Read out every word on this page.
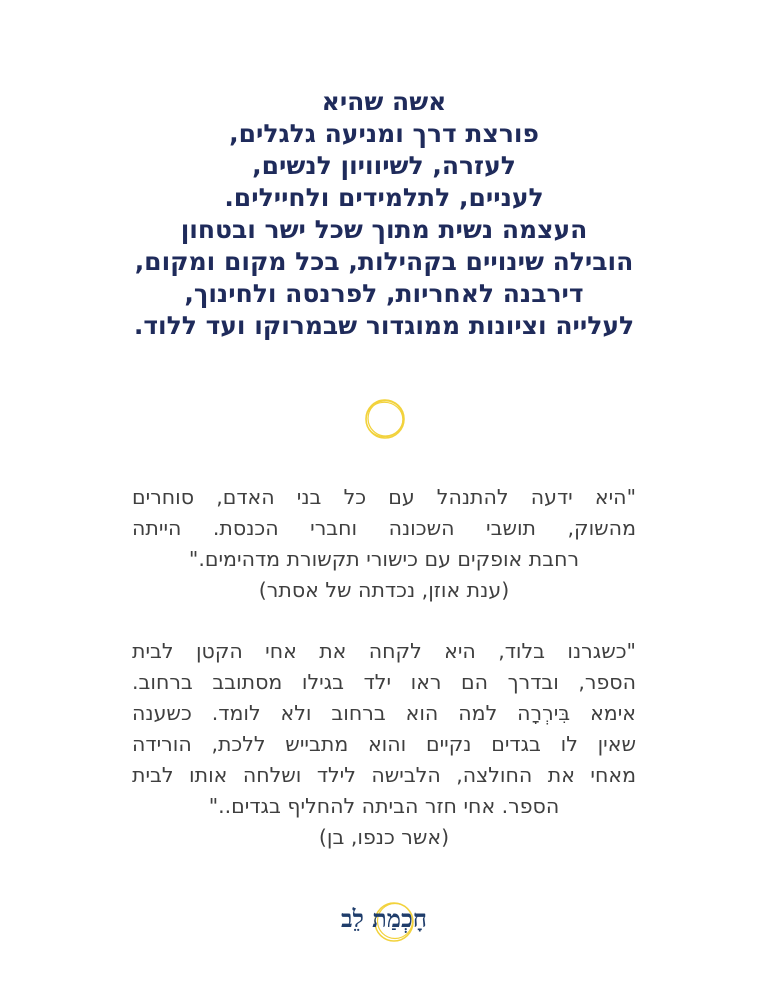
אשה שהיא
פורצת דרך ומניעה גלגלים,
לעזרה, לשיוויון לנשים,
לעניים, לתלמידים ולחיילים.
העצמה נשית מתוך שכל ישר ובטחון
הובילה שינויים בקהילות, בכל מקום ומקום,
דירבנה לאחריות, לפרנסה ולחינוך,
לעלייה וציונות ממוגדור שבמרוקו ועד ללוד.
"היא ידעה להתנהל עם כל בני האדם, סוחרים
מהשוק, תושבי השכונה וחברי הכנסת. הייתה
רחבת אופקים עם כישורי תקשורת מדהימים."
(ענת אוזן, נכדתה של אסתר)
"כשגרנו בלוד, היא לקחה את אחי הקטן לבית
הספר, ובדרך הם ראו ילד בגילו מסתובב ברחוב.
אימא בִּירְרָה למה הוא ברחוב ולא לומד. כשענה
שאין לו בגדים נקיים והוא מתבייש ללכת, הורידה
מאחי את החולצה, הלבישה לילד ושלחה אותו לבית
הספר. אחי חזר הביתה להחליף בגדים.."
(אשר כנפו, בן)
חָכְמַת לֵב
